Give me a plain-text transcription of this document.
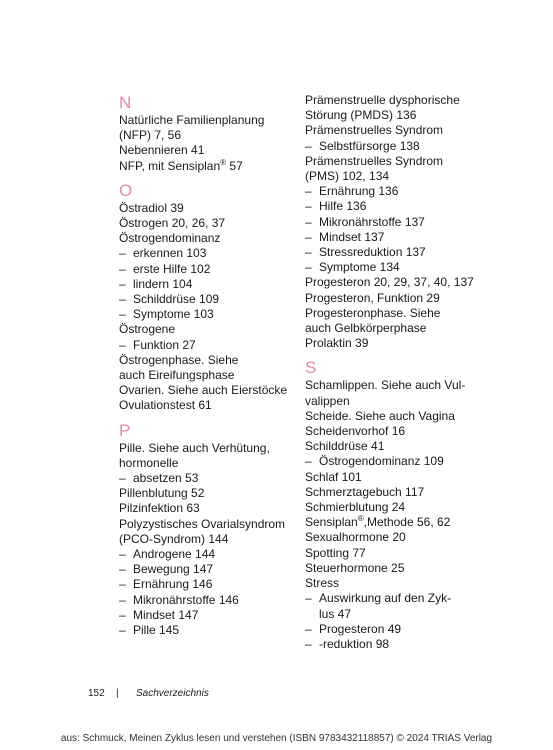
N
Natürliche Familienplanung
(NFP) 7, 56
Nebennieren 41
NFP, mit Sensiplan® 57
O
Östradiol 39
Östrogen 20, 26, 37
Östrogendominanz
– erkennen 103
– erste Hilfe 102
– lindern 104
– Schilddrüse 109
– Symptome 103
Östrogene
– Funktion 27
Östrogenphase. Siehe
auch Eireifungsphase
Ovarien. Siehe auch Eierstöcke
Ovulationstest 61
P
Pille. Siehe auch Verhütung,
hormonelle
– absetzen 53
Pillenblutung 52
Pilzinfektion 63
Polyzystisches Ovarialsyndrom
(PCO-Syndrom) 144
– Androgene 144
– Bewegung 147
– Ernährung 146
– Mikronährstoffe 146
– Mindset 147
– Pille 145
Prämenstruelle dysphorische
Störung (PMDS) 136
Prämenstruelles Syndrom
– Selbstfürsorge 138
Prämenstruelles Syndrom
(PMS) 102, 134
– Ernährung 136
– Hilfe 136
– Mikronährstoffe 137
– Mindset 137
– Stressreduktion 137
– Symptome 134
Progesteron 20, 29, 37, 40, 137
Progesteron, Funktion 29
Progesteronphase. Siehe
auch Gelbkörperphase
Prolaktin 39
S
Schamlippen. Siehe auch Vul-
valippen
Scheide. Siehe auch Vagina
Scheidenvorhof 16
Schilddrüse 41
– Östrogendominanz 109
Schlaf 101
Schmerztagebuch 117
Schmierblutung 24
Sensiplan®,Methode 56, 62
Sexualhormone 20
Spotting 77
Steuerhormone 25
Stress
– Auswirkung auf den Zyk-
lus 47
– Progesteron 49
– -reduktion 98
152 | Sachverzeichnis
aus: Schmuck, Meinen Zyklus lesen und verstehen (ISBN 9783432118857) © 2024 TRIAS Verlag
